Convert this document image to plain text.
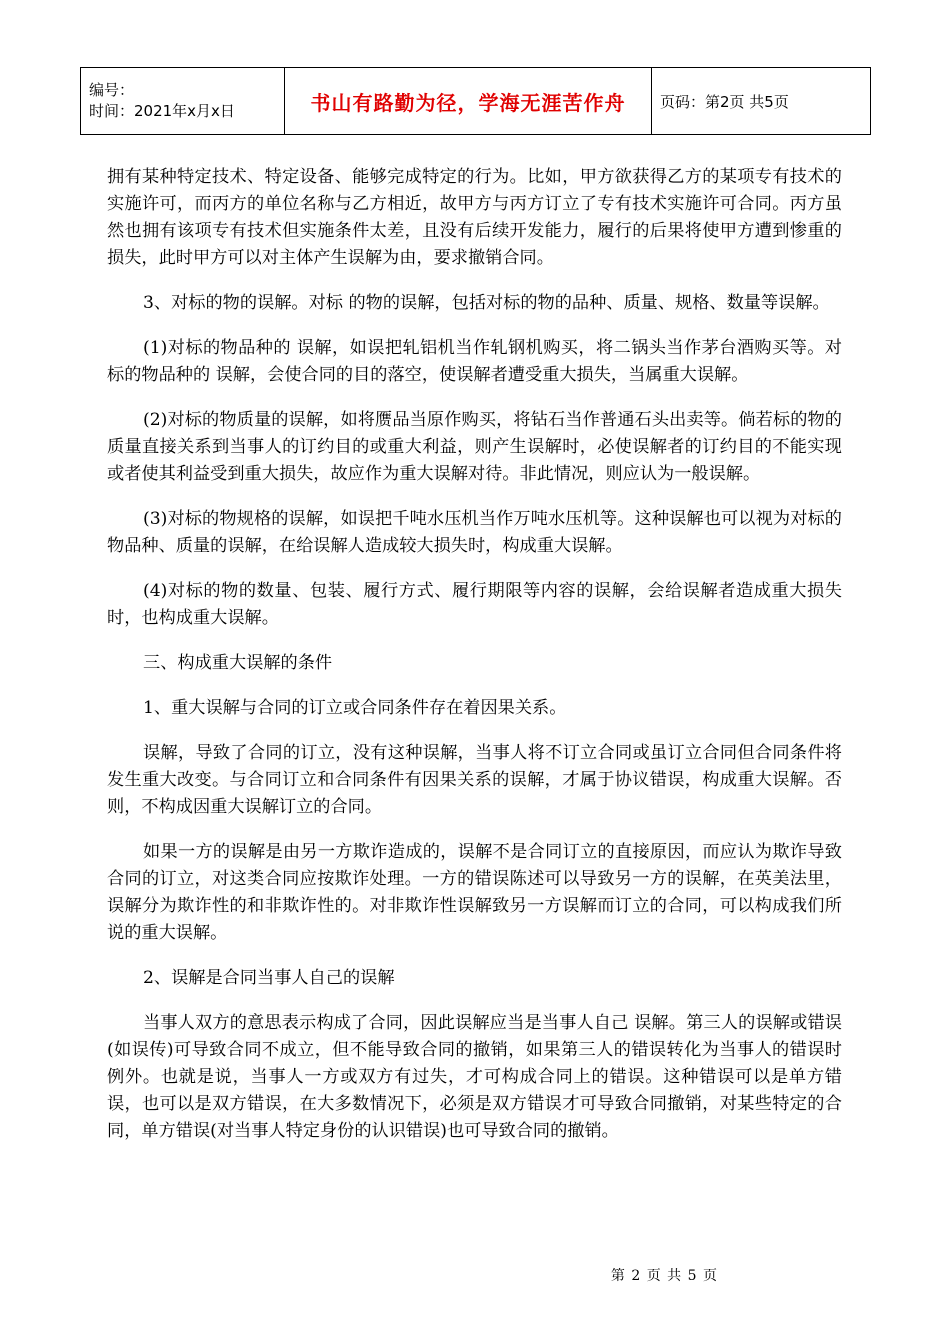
编号：
时间：2021年x月x日	书山有路勤为径，学海无涯苦作舟	页码：第2页 共5页

拥有某种特定技术、特定设备、能够完成特定的行为。比如，甲方欲获得乙方的某项专有技术的实施许可，而丙方的单位名称与乙方相近，故甲方与丙方订立了专有技术实施许可合同。丙方虽然也拥有该项专有技术但实施条件太差，且没有后续开发能力，履行的后果将使甲方遭到惨重的损失，此时甲方可以对主体产生误解为由，要求撤销合同。

3、对标的物的误解。对标 的物的误解，包括对标的物的品种、质量、规格、数量等误解。

(1)对标的物品种的 误解，如误把轧铝机当作轧钢机购买，将二锅头当作茅台酒购买等。对标的物品种的 误解，会使合同的目的落空，使误解者遭受重大损失，当属重大误解。

(2)对标的物质量的误解，如将赝品当原作购买，将钻石当作普通石头出卖等。倘若标的物的质量直接关系到当事人的订约目的或重大利益，则产生误解时，必使误解者的订约目的不能实现或者使其利益受到重大损失，故应作为重大误解对待。非此情况，则应认为一般误解。

(3)对标的物规格的误解，如误把千吨水压机当作万吨水压机等。这种误解也可以视为对标的物品种、质量的误解，在给误解人造成较大损失时，构成重大误解。

(4)对标的物的数量、包装、履行方式、履行期限等内容的误解，会给误解者造成重大损失时，也构成重大误解。

三、构成重大误解的条件

1、重大误解与合同的订立或合同条件存在着因果关系。

误解，导致了合同的订立，没有这种误解，当事人将不订立合同或虽订立合同但合同条件将发生重大改变。与合同订立和合同条件有因果关系的误解，才属于协议错误，构成重大误解。否则，不构成因重大误解订立的合同。

如果一方的误解是由另一方欺诈造成的，误解不是合同订立的直接原因，而应认为欺诈导致 合同的订立，对这类合同应按欺诈处理。一方的错误陈述可以导致另一方的误解，在英美法里，误解分为欺诈性的和非欺诈性的。对非欺诈性误解致另一方误解而订立的合同，可以构成我们所说的重大误解。

2、误解是合同当事人自己的误解

当事人双方的意思表示构成了合同，因此误解应当是当事人自己 误解。第三人的误解或错误(如误传)可导致合同不成立，但不能导致合同的撤销，如果第三人的错误转化为当事人的错误时例外。也就是说，当事人一方或双方有过失，才可构成合同上的错误。这种错误可以是单方错误，也可以是双方错误，在大多数情况下，必须是双方错误才可导致合同撤销，对某些特定的合同，单方错误(对当事人特定身份的认识错误)也可导致合同的撤销。

第 2 页 共 5 页
